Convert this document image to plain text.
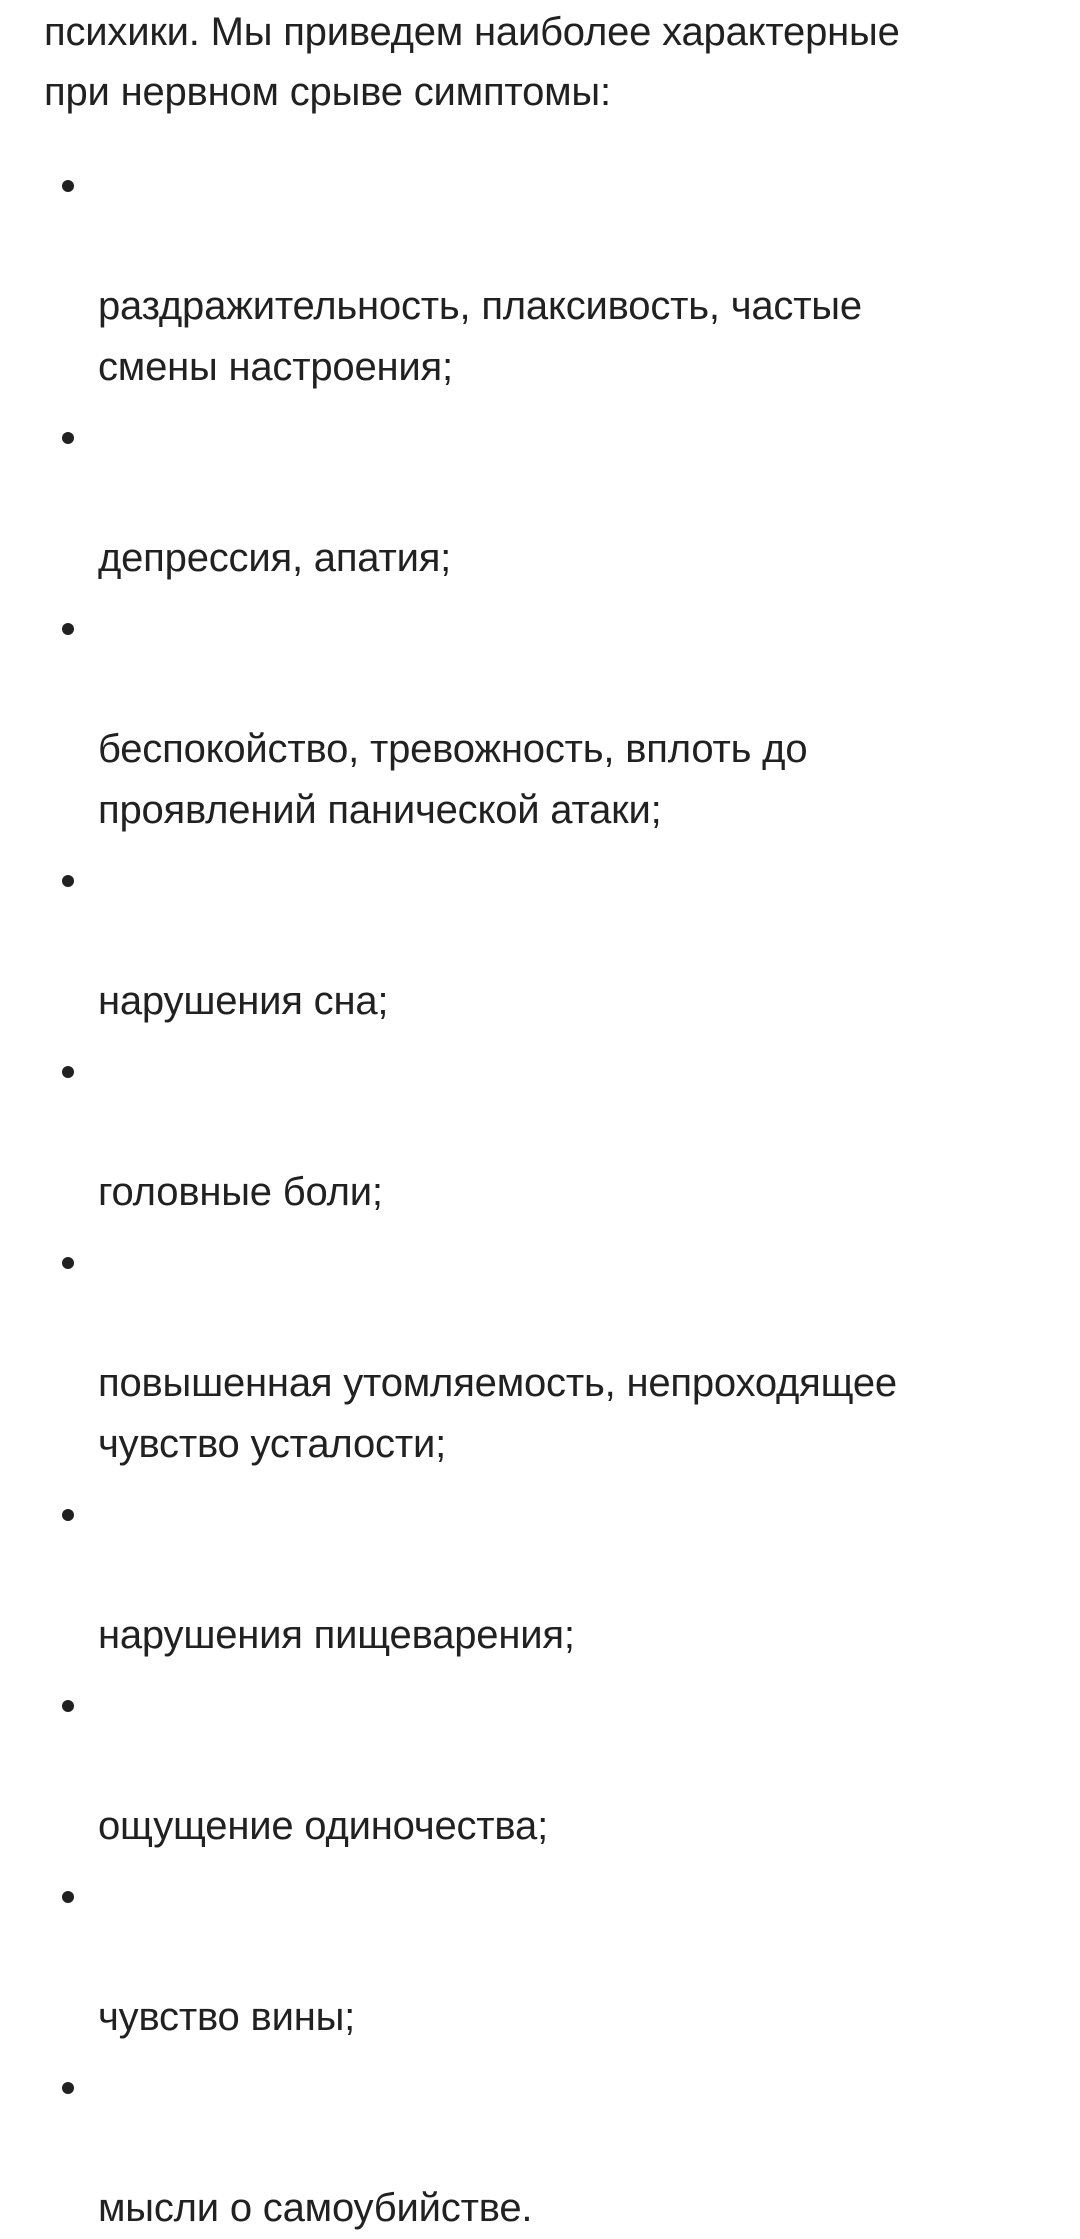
психики. Мы приведем наиболее характерные
при нервном срыве симптомы:

раздражительность, плаксивость, частые
смены настроения;

депрессия, апатия;

беспокойство, тревожность, вплоть до
проявлений панической атаки;

нарушения сна;

головные боли;

повышенная утомляемость, непроходящее
чувство усталости;

нарушения пищеварения;

ощущение одиночества;

чувство вины;

мысли о самоубийстве.
